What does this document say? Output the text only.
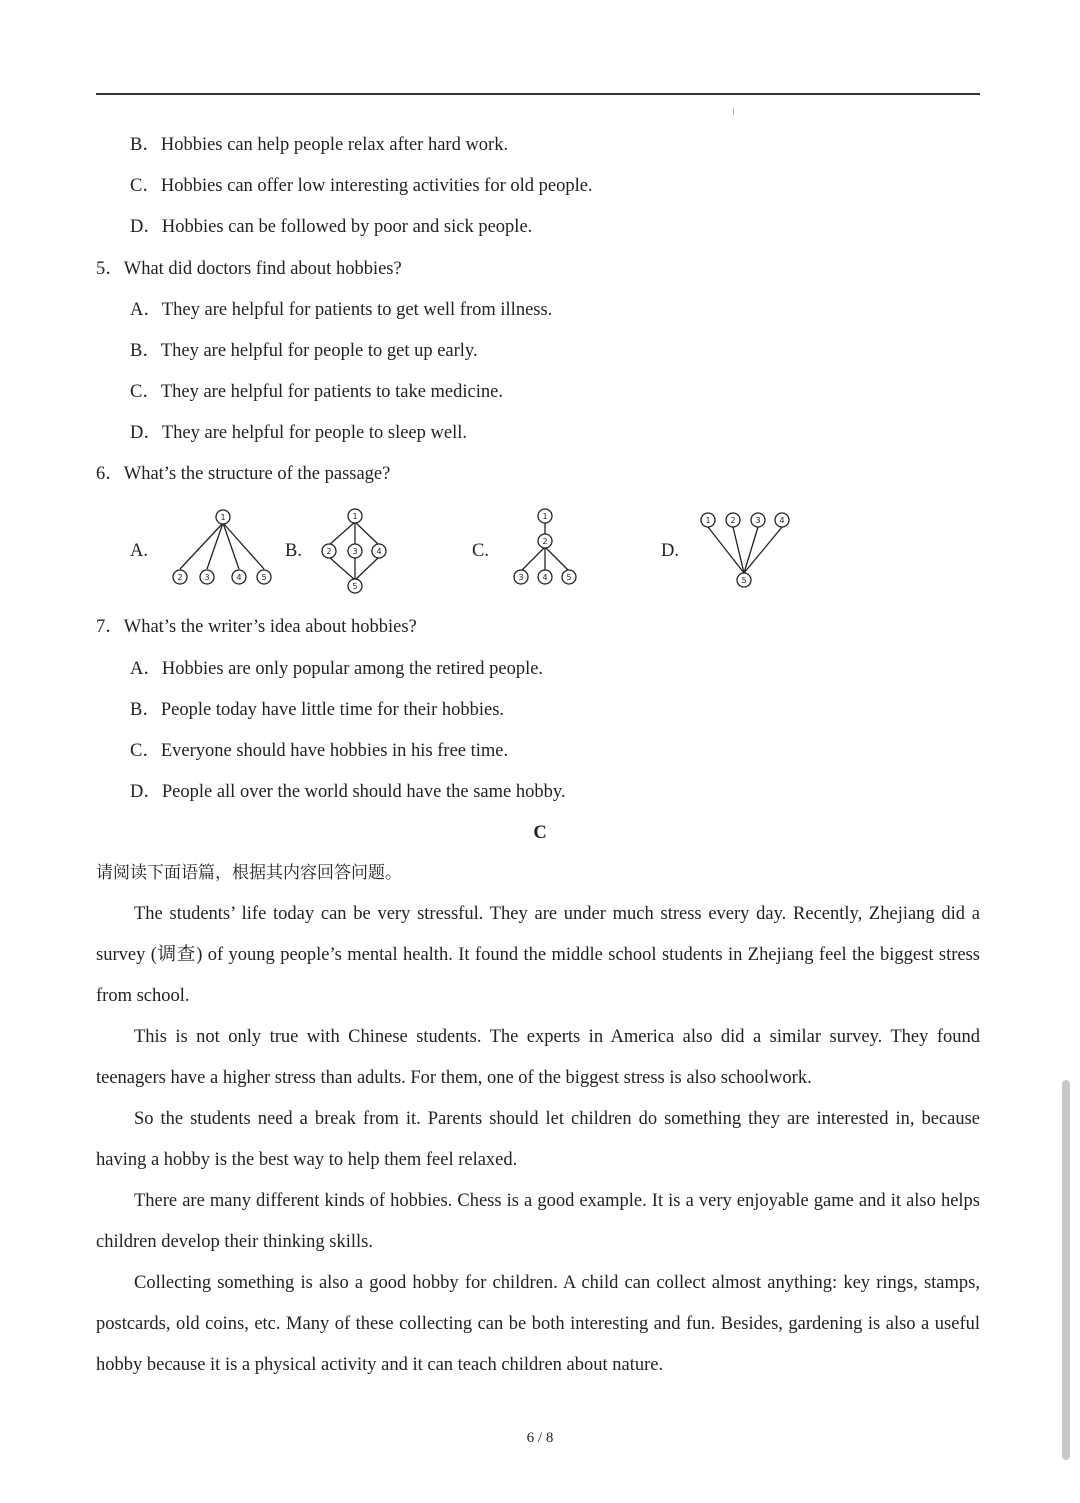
B．Hobbies can help people relax after hard work.
C．Hobbies can offer low interesting activities for old people.
D．Hobbies can be followed by poor and sick people.
5．What did doctors find about hobbies?
A．They are helpful for patients to get well from illness.
B．They are helpful for people to get up early.
C．They are helpful for patients to take medicine.
D．They are helpful for people to sleep well.
6．What’s the structure of the passage?
A.
1
2	3	4 5
B.
1
2	3 4
5
C.
1
2
3 4 5
D.
1 2 3 4
5
7．What’s the writer’s idea about hobbies?
A．Hobbies are only popular among the retired people.
B．People today have little time for their hobbies.
C．Everyone should have hobbies in his free time.
D．People all over the world should have the same hobby.
C
请阅读下面语篇，根据其内容回答问题。

The students’ life today can be very stressful. They are under much stress every day. Recently, Zhejiang did a survey (调查) of young people’s mental health. It found the middle school students in Zhejiang feel the biggest stress from school.

This is not only true with Chinese students. The experts in America also did a similar survey. They found teenagers have a higher stress than adults. For them, one of the biggest stress is also schoolwork.

So the students need a break from it. Parents should let children do something they are interested in, because having a hobby is the best way to help them feel relaxed.

There are many different kinds of hobbies. Chess is a good example. It is a very enjoyable game and it also helps children develop their thinking skills.

Collecting something is also a good hobby for children. A child can collect almost anything: key rings, stamps, postcards, old coins, etc. Many of these collecting can be both interesting and fun. Besides, gardening is also a useful hobby because it is a physical activity and it can teach children about nature.

6 / 8
